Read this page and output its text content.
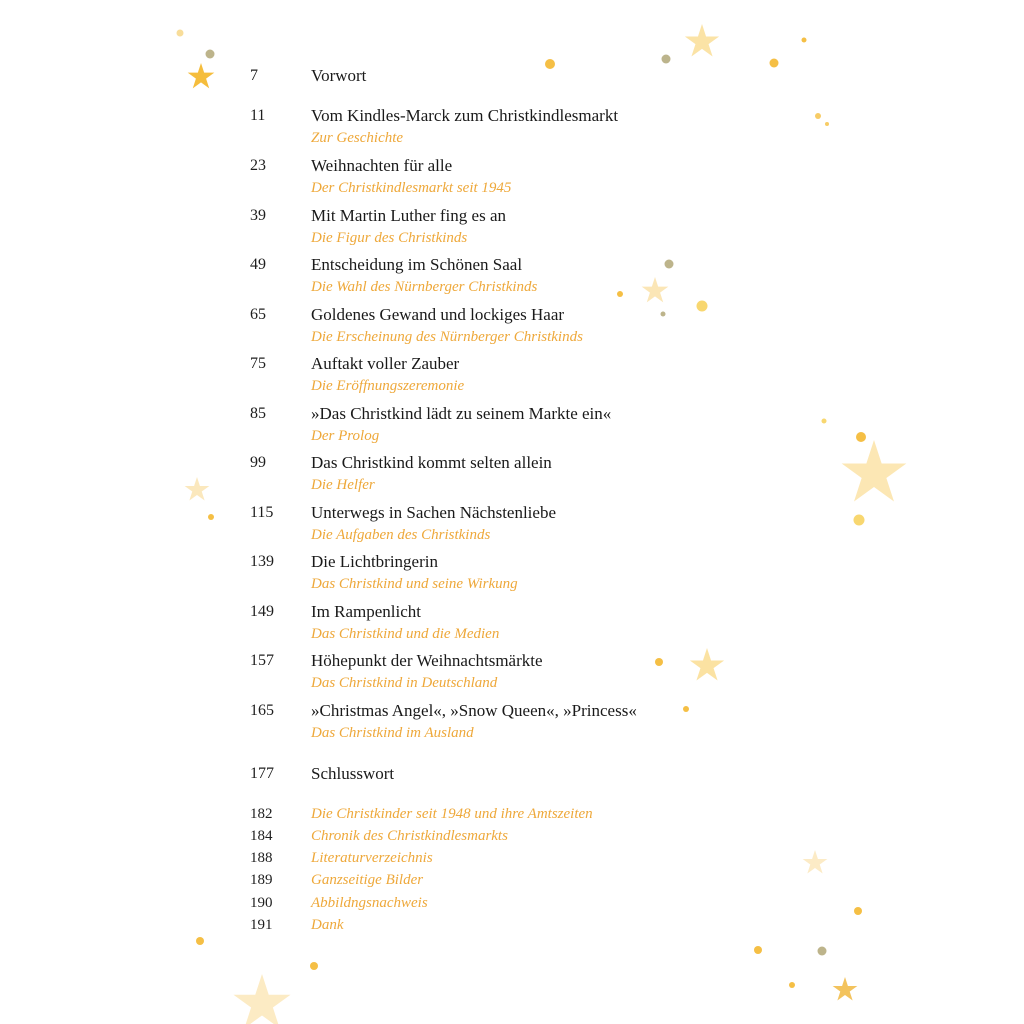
7	Vorwort
11	Vom Kindles-Marck zum Christkindlesmarkt
Zur Geschichte
23	Weihnachten für alle
Der Christkindlesmarkt seit 1945
39	Mit Martin Luther fing es an
Die Figur des Christkinds
49	Entscheidung im Schönen Saal
Die Wahl des Nürnberger Christkinds
65	Goldenes Gewand und lockiges Haar
Die Erscheinung des Nürnberger Christkinds
75	Auftakt voller Zauber
Die Eröffnungszeremonie
85	»Das Christkind lädt zu seinem Markte ein«
Der Prolog
99	Das Christkind kommt selten allein
Die Helfer
115	Unterwegs in Sachen Nächstenliebe
Die Aufgaben des Christkinds
139	Die Lichtbringerin
Das Christkind und seine Wirkung
149	Im Rampenlicht
Das Christkind und die Medien
157	Höhepunkt der Weihnachtsmärkte
Das Christkind in Deutschland
165	»Christmas Angel«, »Snow Queen«, »Princess«
Das Christkind im Ausland
177	Schlusswort
182	Die Christkinder seit 1948 und ihre Amtszeiten
184	Chronik des Christkindlesmarkts
188	Literaturverzeichnis
189	Ganzseitige Bilder
190	Abbildngsnachweis
191	Dank
